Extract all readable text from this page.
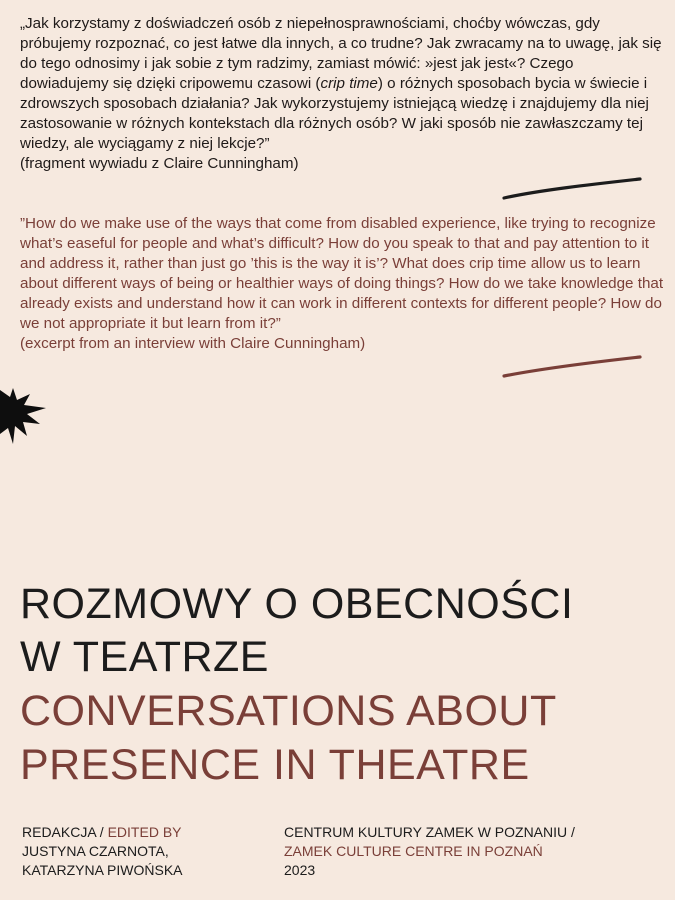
„Jak korzystamy z doświadczeń osób z niepełnosprawnościami, choćby wówczas, gdy próbujemy rozpoznać, co jest łatwe dla innych, a co trudne? Jak zwracamy na to uwagę, jak się do tego odnosimy i jak sobie z tym radzimy, zamiast mówić: »jest jak jest«? Czego dowiadujemy się dzięki cripowemu czasowi (crip time) o różnych sposobach bycia w świecie i zdrowszych sposobach działania? Jak wykorzystujemy istniejącą wiedzę i znajdujemy dla niej zastosowanie w różnych kontekstach dla różnych osób? W jaki sposób nie zawłaszczamy tej wiedzy, ale wyciągamy z niej lekcje?”

(fragment wywiadu z Claire Cunningham)
”How do we make use of the ways that come from disabled experience, like trying to recognize what’s easeful for people and what’s difficult? How do you speak to that and pay attention to it and address it, rather than just go ’this is the way it is’? What does crip time allow us to learn about different ways of being or healthier ways of doing things? How do we take knowledge that already exists and understand how it can work in different contexts for different people? How do we not appropriate it but learn from it?”

(excerpt from an interview with Claire Cunningham)
ROZMOWY O OBECNOŚCI
W TEATRZE
CONVERSATIONS ABOUT
PRESENCE IN THEATRE
REDAKCJA / EDITED BY
JUSTYNA CZARNOTA,
KATARZYNA PIWOŃSKA
CENTRUM KULTURY ZAMEK W POZNANIU /
ZAMEK CULTURE CENTRE IN POZNAŃ
2023
